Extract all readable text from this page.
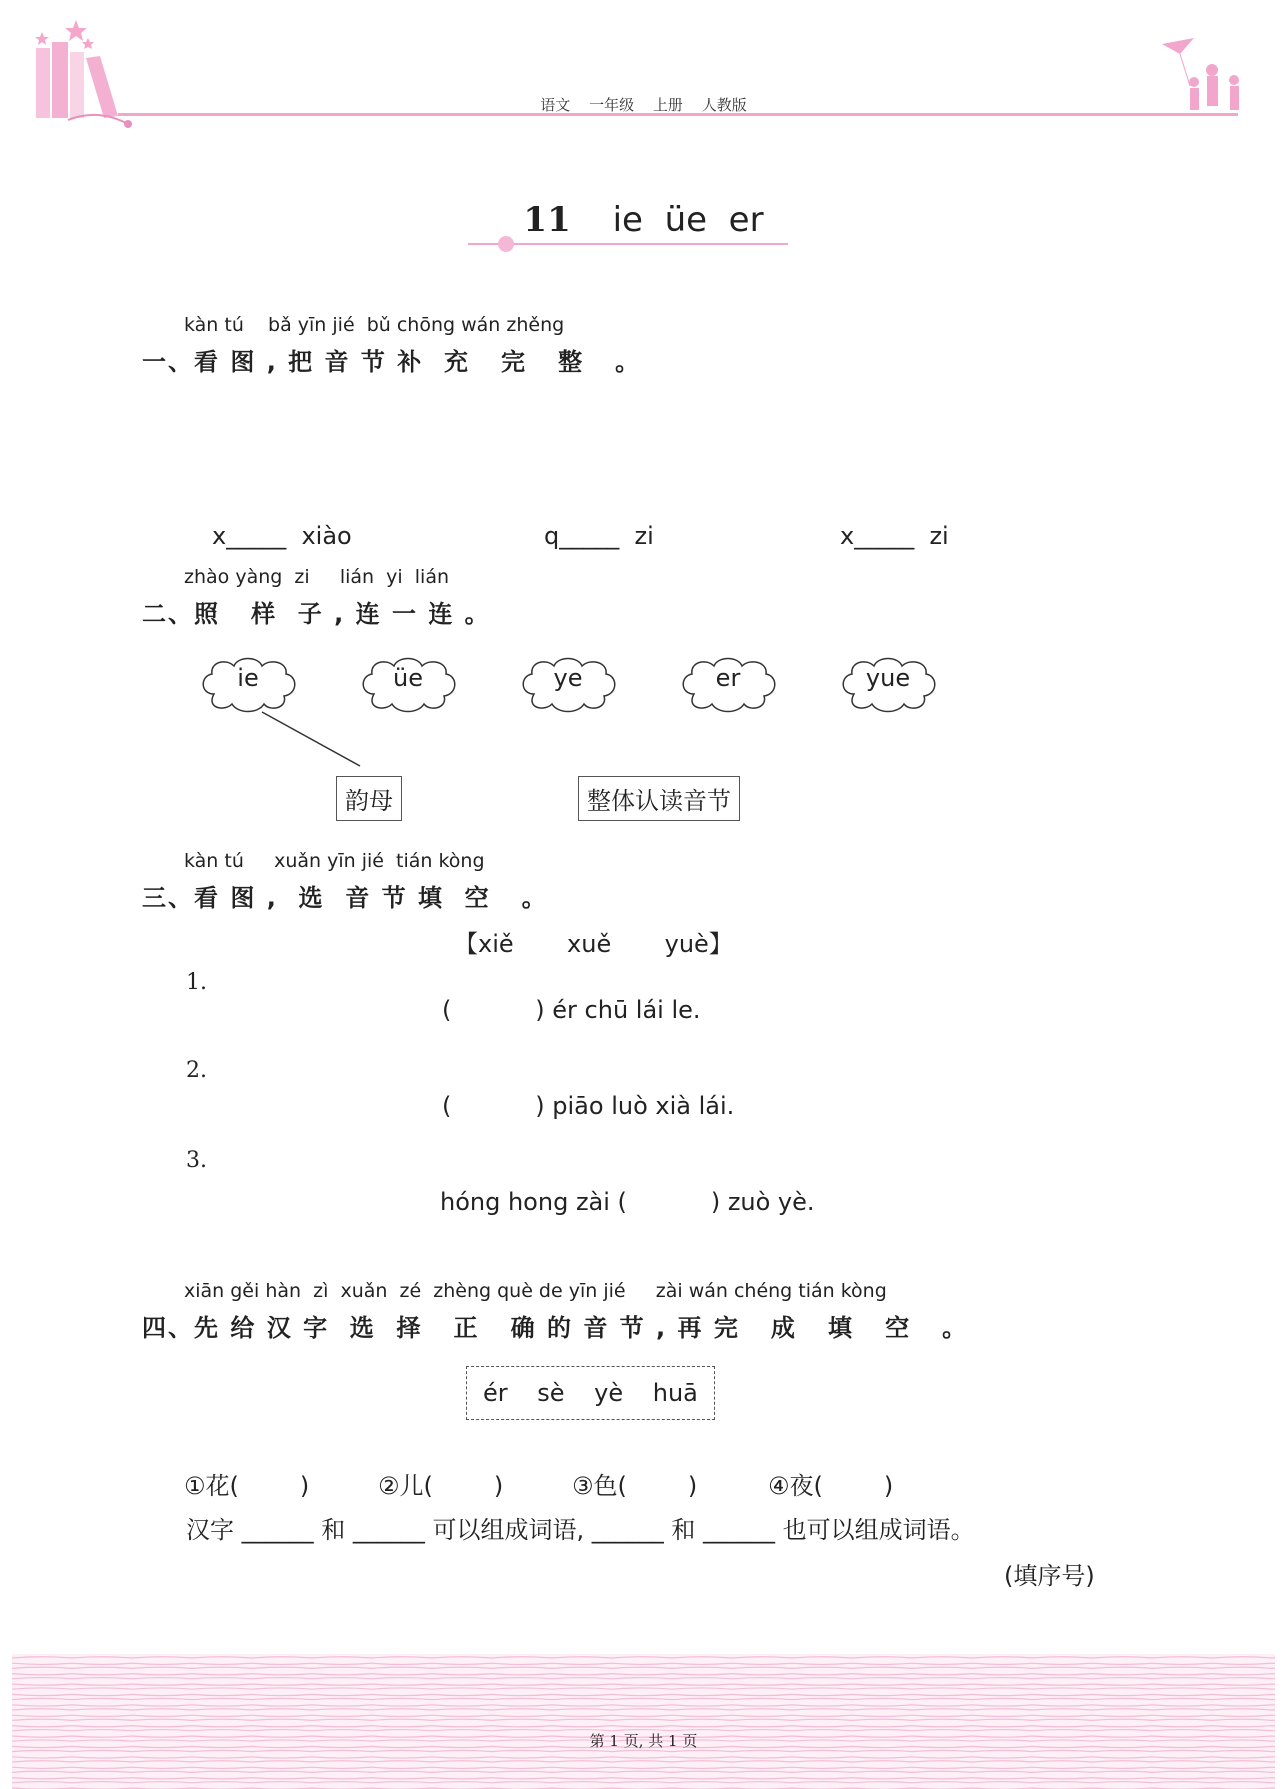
语文 一年级 上册 人教版
11 ie  üe  er
kàn tú    bǎ yīn jié  bǔ chōng wán zhěng
一、看 图 , 把 音 节 补  充   完   整   。
x_____  xiào	q_____  zi	x_____  zi
zhào yàng  zi     lián  yi  lián
二、照   样  子 , 连 一 连 。
ie	üe	ye	er	yue
韵母	整体认读音节
kàn tú     xuǎn yīn jié  tián kòng
三、看 图 ,  选  音 节 填  空   。
【xiě       xuě       yuè】
1.
(           ) ér chū lái le.
2.
(           ) piāo luò xià lái.
3.
hóng hong zài (           ) zuò yè.
xiān gěi hàn  zì  xuǎn  zé  zhèng què de yīn jié     zài wán chéng tián kòng
四、先 给 汉 字  选  择   正   确 的 音 节 , 再 完   成   填   空   。
ér sè yè huā
①花(        )	②儿(        )	③色(        )	④夜(        )
汉字 ______ 和 ______ 可以组成词语, ______ 和 ______ 也可以组成词语。
(填序号)
第 1 页, 共 1 页
